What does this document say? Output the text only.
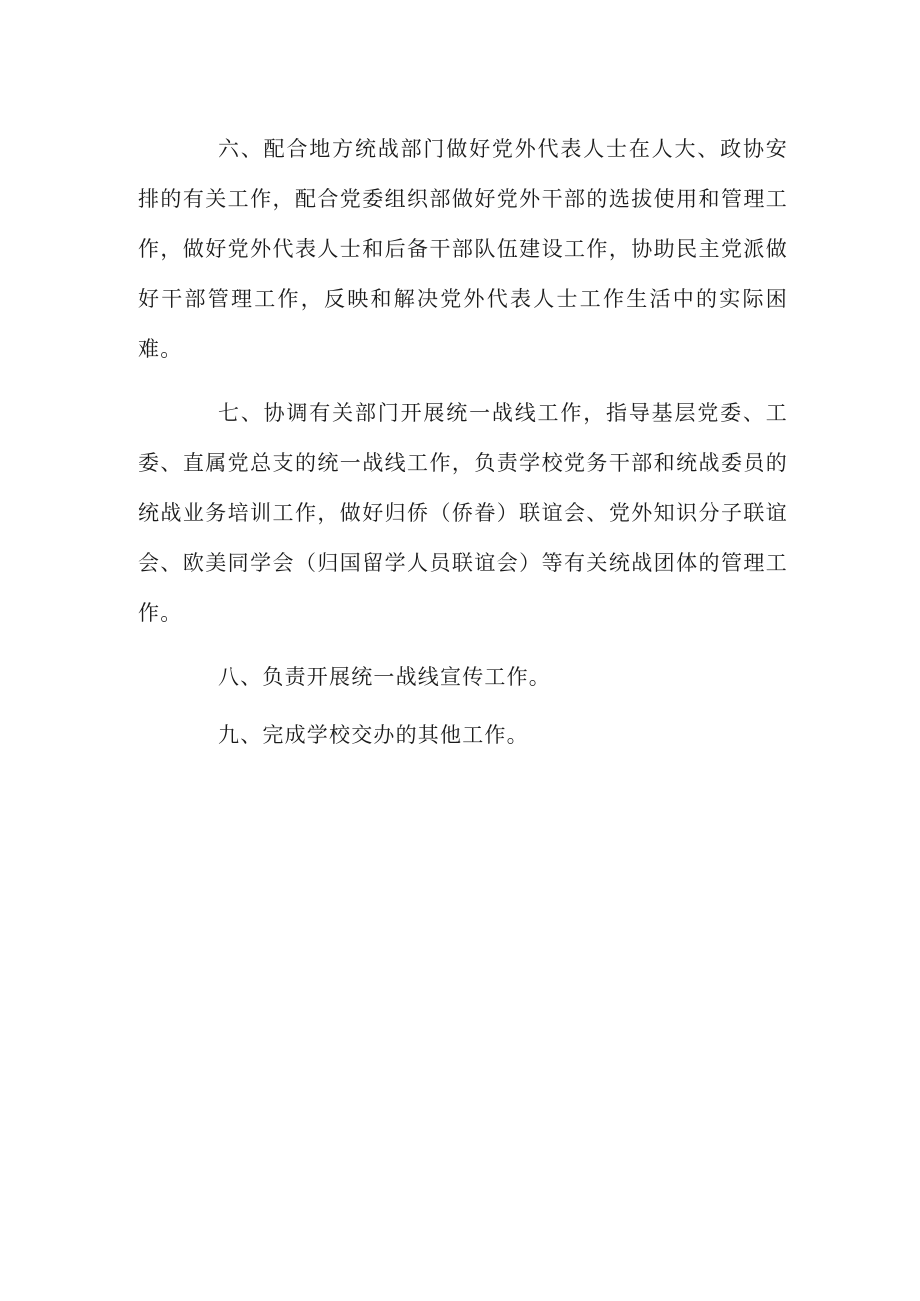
六、配合地方统战部门做好党外代表人士在人大、政协安排的有关工作，配合党委组织部做好党外干部的选拔使用和管理工作，做好党外代表人士和后备干部队伍建设工作，协助民主党派做好干部管理工作，反映和解决党外代表人士工作生活中的实际困难。

七、协调有关部门开展统一战线工作，指导基层党委、工委、直属党总支的统一战线工作，负责学校党务干部和统战委员的统战业务培训工作，做好归侨（侨眷）联谊会、党外知识分子联谊会、欧美同学会（归国留学人员联谊会）等有关统战团体的管理工作。

八、负责开展统一战线宣传工作。

九、完成学校交办的其他工作。
